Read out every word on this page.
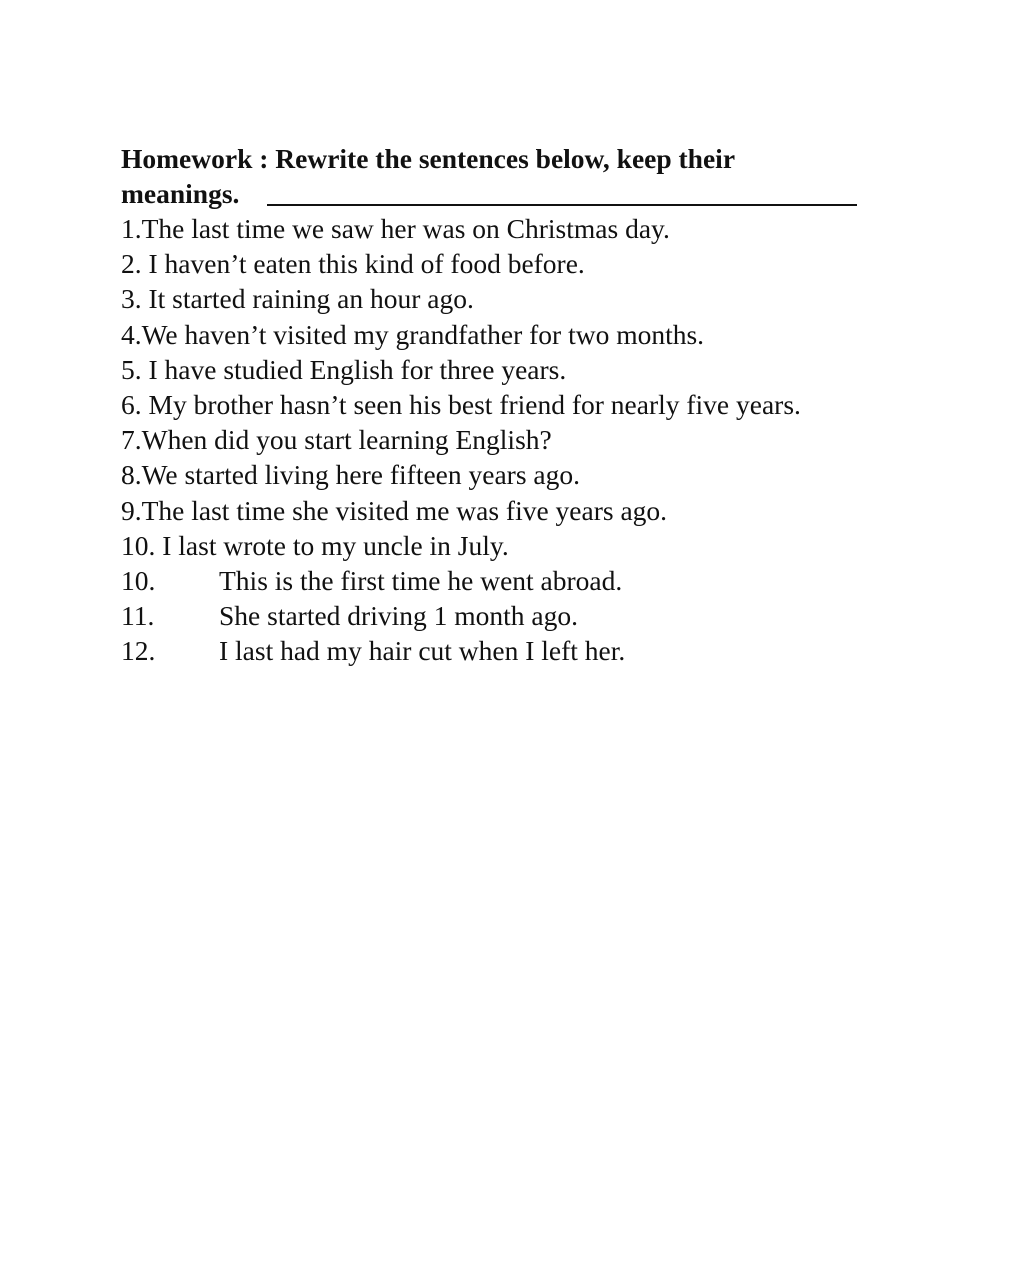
Homework : Rewrite the sentences below, keep their
meanings.
1.The last time we saw her was on Christmas day.
2. I haven’t eaten this kind of food before.
3. It started raining an hour ago.
4.We haven’t visited my grandfather for two months.
5. I have studied English for three years.
6. My brother hasn’t seen his best friend for nearly five years.
7.When did you start learning English?
8.We started living here fifteen years ago.
9.The last time she visited me was five years ago.
10. I last wrote to my uncle in July.
10. This is the first time he went abroad.
11. She started driving 1 month ago.
12. I last had my hair cut when I left her.
